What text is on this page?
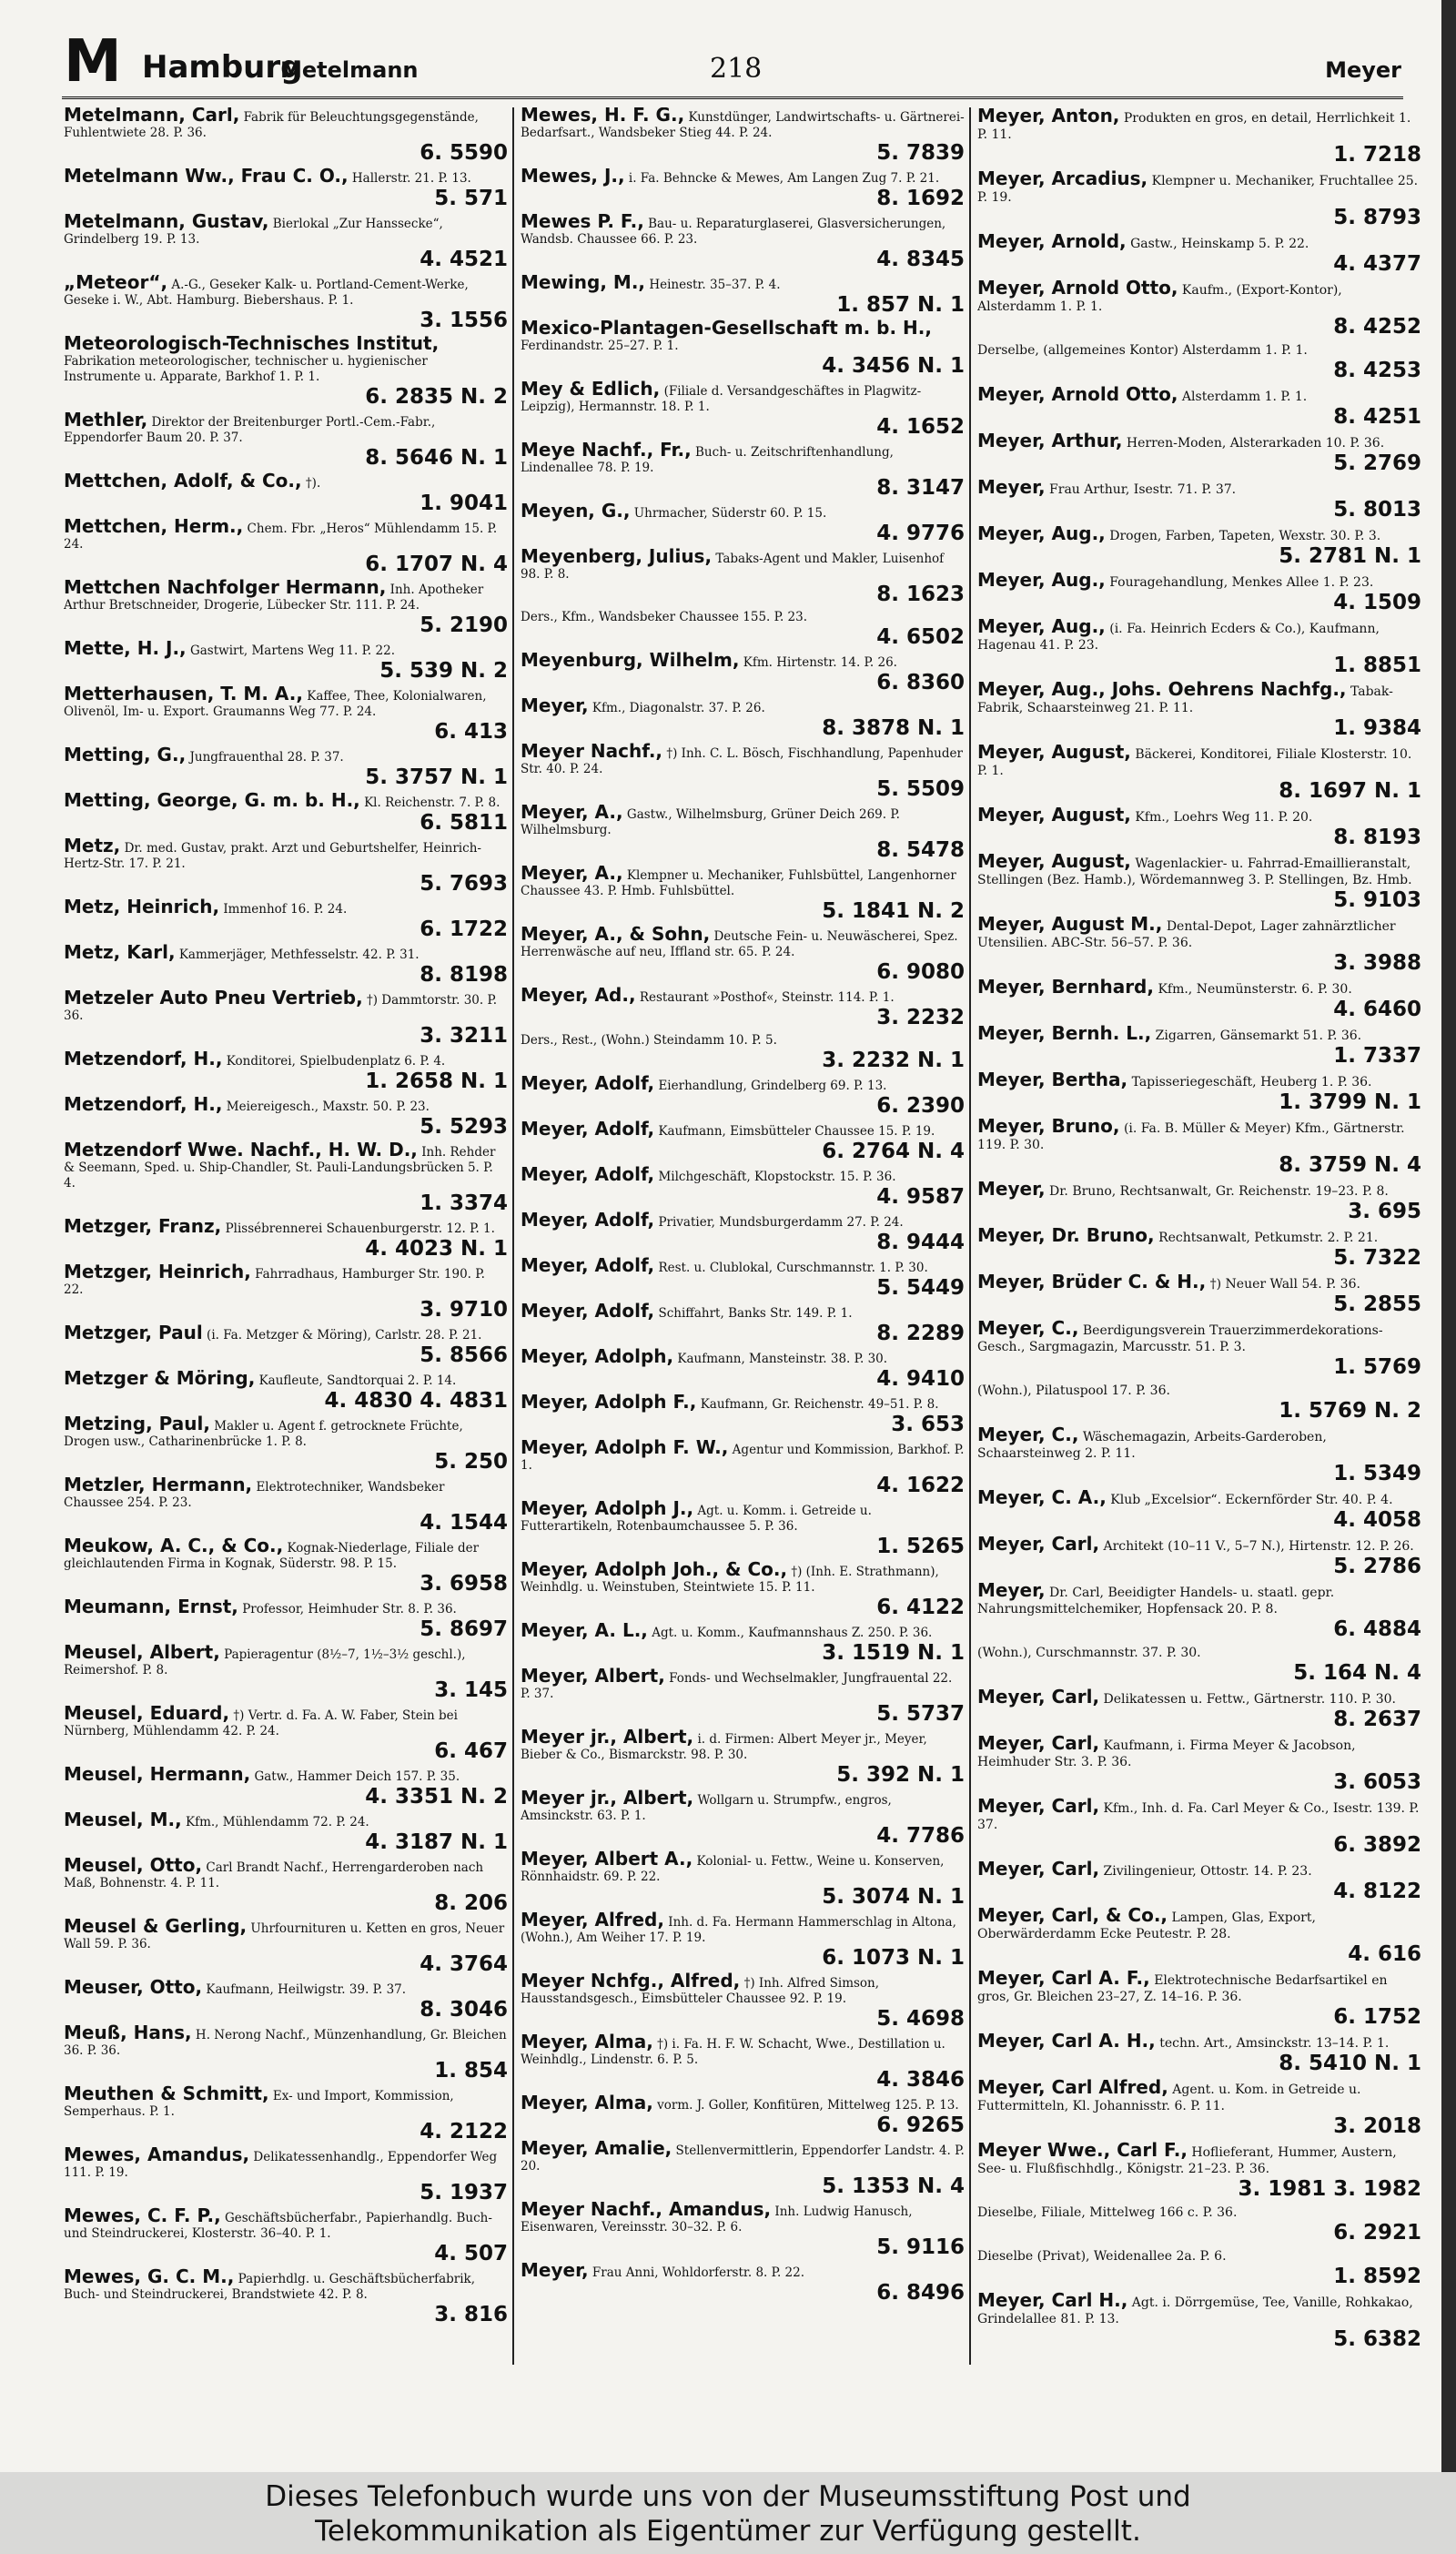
M Hamburg
Metelmann	218	Meyer
Metelmann, Carl, Fabrik für Beleuchtungsgegenstände, Fuhlentwiete 28. P. 36.
6. 5590
Metelmann Ww., Frau C. O., Hallerstr. 21. P. 13.
5. 571
Metelmann, Gustav, Bierlokal „Zur Hanssecke“, Grindelberg 19. P. 13.
4. 4521
„Meteor“, A.-G., Geseker Kalk- u. Portland-Cement-Werke, Geseke i. W., Abt. Hamburg. Biebershaus. P. 1.
3. 1556
Meteorologisch-Technisches Institut, Fabrikation meteorologischer, technischer u. hygienischer Instrumente u. Apparate, Barkhof 1. P. 1.
6. 2835 N. 2
Methler, Direktor der Breitenburger Portl.-Cem.-Fabr., Eppendorfer Baum 20. P. 37.
8. 5646 N. 1
Mettchen, Adolf, & Co., †).
1. 9041
Mettchen, Herm., Chem. Fbr. „Heros“ Mühlendamm 15. P. 24.
6. 1707 N. 4
Mettchen Nachfolger Hermann, Inh. Apotheker Arthur Bretschneider, Drogerie, Lübecker Str. 111. P. 24.
5. 2190
Mette, H. J., Gastwirt, Martens Weg 11. P. 22.
5. 539 N. 2
Metterhausen, T. M. A., Kaffee, Thee, Kolonialwaren, Olivenöl, Im- u. Export. Graumanns Weg 77. P. 24.
6. 413
Metting, G., Jungfrauenthal 28. P. 37.
5. 3757 N. 1
Metting, George, G. m. b. H., Kl. Reichenstr. 7. P. 8.
6. 5811
Metz, Dr. med. Gustav, prakt. Arzt und Geburtshelfer, Heinrich-Hertz-Str. 17. P. 21.
5. 7693
Metz, Heinrich, Immenhof 16. P. 24.
6. 1722
Metz, Karl, Kammerjäger, Methfesselstr. 42. P. 31.
8. 8198
Metzeler Auto Pneu Vertrieb, †) Dammtorstr. 30. P. 36.
3. 3211
Metzendorf, H., Konditorei, Spielbudenplatz 6. P. 4.
1. 2658 N. 1
Metzendorf, H., Meiereigesch., Maxstr. 50. P. 23.
5. 5293
Metzendorf Wwe. Nachf., H. W. D., Inh. Rehder & Seemann, Sped. u. Ship-Chandler, St. Pauli-Landungsbrücken 5. P. 4.
1. 3374
Metzger, Franz, Plissébrennerei Schauenburgerstr. 12. P. 1.
4. 4023 N. 1
Metzger, Heinrich, Fahrradhaus, Hamburger Str. 190. P. 22.
3. 9710
Metzger, Paul (i. Fa. Metzger & Möring), Carlstr. 28. P. 21.
5. 8566
Metzger & Möring, Kaufleute, Sandtorquai 2. P. 14.
4. 4830 4. 4831
Metzing, Paul, Makler u. Agent f. getrocknete Früchte, Drogen usw., Catharinenbrücke 1. P. 8.
5. 250
Metzler, Hermann, Elektrotechniker, Wandsbeker Chaussee 254. P. 23.
4. 1544
Meukow, A. C., & Co., Kognak-Niederlage, Filiale der gleichlautenden Firma in Kognak, Süderstr. 98. P. 15.
3. 6958
Meumann, Ernst, Professor, Heimhuder Str. 8. P. 36.
5. 8697
Meusel, Albert, Papieragentur (8½–7, 1½–3½ geschl.), Reimershof. P. 8.
3. 145
Meusel, Eduard, †) Vertr. d. Fa. A. W. Faber, Stein bei Nürnberg, Mühlendamm 42. P. 24.
6. 467
Meusel, Hermann, Gatw., Hammer Deich 157. P. 35.
4. 3351 N. 2
Meusel, M., Kfm., Mühlendamm 72. P. 24.
4. 3187 N. 1
Meusel, Otto, Carl Brandt Nachf., Herrengarderoben nach Maß, Bohnenstr. 4. P. 11.
8. 206
Meusel & Gerling, Uhrfournituren u. Ketten en gros, Neuer Wall 59. P. 36.
4. 3764
Meuser, Otto, Kaufmann, Heilwigstr. 39. P. 37.
8. 3046
Meuß, Hans, H. Nerong Nachf., Münzenhandlung, Gr. Bleichen 36. P. 36.
1. 854
Meuthen & Schmitt, Ex- und Import, Kommission, Semperhaus. P. 1.
4. 2122
Mewes, Amandus, Delikatessenhandlg., Eppendorfer Weg 111. P. 19.
5. 1937
Mewes, C. F. P., Geschäftsbücherfabr., Papierhandlg. Buch- und Steindruckerei, Klosterstr. 36–40. P. 1.
4. 507
Mewes, G. C. M., Papierhdlg. u. Geschäftsbücherfabrik, Buch- und Steindruckerei, Brandstwiete 42. P. 8.
3. 816
Mewes, H. F. G., Kunstdünger, Landwirtschafts- u. Gärtnerei-Bedarfsart., Wandsbeker Stieg 44. P. 24.
5. 7839
Mewes, J., i. Fa. Behncke & Mewes, Am Langen Zug 7. P. 21.
8. 1692
Mewes P. F., Bau- u. Reparaturglaserei, Glasversicherungen, Wandsb. Chaussee 66. P. 23.
4. 8345
Mewing, M., Heinestr. 35–37. P. 4.
1. 857 N. 1
Mexico-Plantagen-Gesellschaft m. b. H., Ferdinandstr. 25–27. P. 1.
4. 3456 N. 1
Mey & Edlich, (Filiale d. Versandgeschäftes in Plagwitz-Leipzig), Hermannstr. 18. P. 1.
4. 1652
Meye Nachf., Fr., Buch- u. Zeitschriftenhandlung, Lindenallee 78. P. 19.
8. 3147
Meyen, G., Uhrmacher, Süderstr 60. P. 15.
4. 9776
Meyenberg, Julius, Tabaks-Agent und Makler, Luisenhof 98. P. 8.
8. 1623
Ders., Kfm., Wandsbeker Chaussee 155. P. 23.
4. 6502
Meyenburg, Wilhelm, Kfm. Hirtenstr. 14. P. 26.
6. 8360
Meyer, Kfm., Diagonalstr. 37. P. 26.
8. 3878 N. 1
Meyer Nachf., †) Inh. C. L. Bösch, Fischhandlung, Papenhuder Str. 40. P. 24.
5. 5509
Meyer, A., Gastw., Wilhelmsburg, Grüner Deich 269. P. Wilhelmsburg.
8. 5478
Meyer, A., Klempner u. Mechaniker, Fuhlsbüttel, Langenhorner Chaussee 43. P. Hmb. Fuhlsbüttel.
5. 1841 N. 2
Meyer, A., & Sohn, Deutsche Fein- u. Neuwäscherei, Spez. Herrenwäsche auf neu, Iffland str. 65. P. 24.
6. 9080
Meyer, Ad., Restaurant »Posthof«, Steinstr. 114. P. 1.
3. 2232
Ders., Rest., (Wohn.) Steindamm 10. P. 5.
3. 2232 N. 1
Meyer, Adolf, Eierhandlung, Grindelberg 69. P. 13.
6. 2390
Meyer, Adolf, Kaufmann, Eimsbütteler Chaussee 15. P. 19.
6. 2764 N. 4
Meyer, Adolf, Milchgeschäft, Klopstockstr. 15. P. 36.
4. 9587
Meyer, Adolf, Privatier, Mundsburgerdamm 27. P. 24.
8. 9444
Meyer, Adolf, Rest. u. Clublokal, Curschmannstr. 1. P. 30.
5. 5449
Meyer, Adolf, Schiffahrt, Banks Str. 149. P. 1.
8. 2289
Meyer, Adolph, Kaufmann, Mansteinstr. 38. P. 30.
4. 9410
Meyer, Adolph F., Kaufmann, Gr. Reichenstr. 49–51. P. 8.
3. 653
Meyer, Adolph F. W., Agentur und Kommission, Barkhof. P. 1.
4. 1622
Meyer, Adolph J., Agt. u. Komm. i. Getreide u. Futterartikeln, Rotenbaumchaussee 5. P. 36.
1. 5265
Meyer, Adolph Joh., & Co., †) (Inh. E. Strathmann), Weinhdlg. u. Weinstuben, Steintwiete 15. P. 11.
6. 4122
Meyer, A. L., Agt. u. Komm., Kaufmannshaus Z. 250. P. 36.
3. 1519 N. 1
Meyer, Albert, Fonds- und Wechselmakler, Jungfrauental 22. P. 37.
5. 5737
Meyer jr., Albert, i. d. Firmen: Albert Meyer jr., Meyer, Bieber & Co., Bismarckstr. 98. P. 30.
5. 392 N. 1
Meyer jr., Albert, Wollgarn u. Strumpfw., engros, Amsinckstr. 63. P. 1.
4. 7786
Meyer, Albert A., Kolonial- u. Fettw., Weine u. Konserven, Rönnhaidstr. 69. P. 22.
5. 3074 N. 1
Meyer, Alfred, Inh. d. Fa. Hermann Hammerschlag in Altona, (Wohn.), Am Weiher 17. P. 19.
6. 1073 N. 1
Meyer Nchfg., Alfred, †) Inh. Alfred Simson, Hausstandsgesch., Eimsbütteler Chaussee 92. P. 19.
5. 4698
Meyer, Alma, †) i. Fa. H. F. W. Schacht, Wwe., Destillation u. Weinhdlg., Lindenstr. 6. P. 5.
4. 3846
Meyer, Alma, vorm. J. Goller, Konfitüren, Mittelweg 125. P. 13.
6. 9265
Meyer, Amalie, Stellenvermittlerin, Eppendorfer Landstr. 4. P. 20.
5. 1353 N. 4
Meyer Nachf., Amandus, Inh. Ludwig Hanusch, Eisenwaren, Vereinsstr. 30–32. P. 6.
5. 9116
Meyer, Frau Anni, Wohldorferstr. 8. P. 22.
6. 8496
Meyer, Anton, Produkten en gros, en detail, Herrlichkeit 1. P. 11.
1. 7218
Meyer, Arcadius, Klempner u. Mechaniker, Fruchtallee 25. P. 19.
5. 8793
Meyer, Arnold, Gastw., Heinskamp 5. P. 22.
4. 4377
Meyer, Arnold Otto, Kaufm., (Export-Kontor), Alsterdamm 1. P. 1.
8. 4252
Derselbe, (allgemeines Kontor) Alsterdamm 1. P. 1.
8. 4253
Meyer, Arnold Otto, Alsterdamm 1. P. 1.
8. 4251
Meyer, Arthur, Herren-Moden, Alsterarkaden 10. P. 36.
5. 2769
Meyer, Frau Arthur, Isestr. 71. P. 37.
5. 8013
Meyer, Aug., Drogen, Farben, Tapeten, Wexstr. 30. P. 3.
5. 2781 N. 1
Meyer, Aug., Fouragehandlung, Menkes Allee 1. P. 23.
4. 1509
Meyer, Aug., (i. Fa. Heinrich Ecders & Co.), Kaufmann, Hagenau 41. P. 23.
1. 8851
Meyer, Aug., Johs. Oehrens Nachfg., Tabak-Fabrik, Schaarsteinweg 21. P. 11.
1. 9384
Meyer, August, Bäckerei, Konditorei, Filiale Klosterstr. 10. P. 1.
8. 1697 N. 1
Meyer, August, Kfm., Loehrs Weg 11. P. 20.
8. 8193
Meyer, August, Wagenlackier- u. Fahrrad-Emaillieranstalt, Stellingen (Bez. Hamb.), Wördemannweg 3. P. Stellingen, Bz. Hmb.
5. 9103
Meyer, August M., Dental-Depot, Lager zahnärztlicher Utensilien. ABC-Str. 56–57. P. 36.
3. 3988
Meyer, Bernhard, Kfm., Neumünsterstr. 6. P. 30.
4. 6460
Meyer, Bernh. L., Zigarren, Gänsemarkt 51. P. 36.
1. 7337
Meyer, Bertha, Tapisseriegeschäft, Heuberg 1. P. 36.
1. 3799 N. 1
Meyer, Bruno, (i. Fa. B. Müller & Meyer) Kfm., Gärtnerstr. 119. P. 30.
8. 3759 N. 4
Meyer, Dr. Bruno, Rechtsanwalt, Gr. Reichenstr. 19–23. P. 8.
3. 695
Meyer, Dr. Bruno, Rechtsanwalt, Petkumstr. 2. P. 21.
5. 7322
Meyer, Brüder C. & H., †) Neuer Wall 54. P. 36.
5. 2855
Meyer, C., Beerdigungsverein Trauerzimmerdekorations-Gesch., Sargmagazin, Marcusstr. 51. P. 3.
1. 5769
(Wohn.), Pilatuspool 17. P. 36.
1. 5769 N. 2
Meyer, C., Wäschemagazin, Arbeits-Garderoben, Schaarsteinweg 2. P. 11.
1. 5349
Meyer, C. A., Klub „Excelsior“. Eckernförder Str. 40. P. 4.
4. 4058
Meyer, Carl, Architekt (10–11 V., 5–7 N.), Hirtenstr. 12. P. 26.
5. 2786
Meyer, Dr. Carl, Beeidigter Handels- u. staatl. gepr. Nahrungsmittelchemiker, Hopfensack 20. P. 8.
6. 4884
(Wohn.), Curschmannstr. 37. P. 30.
5. 164 N. 4
Meyer, Carl, Delikatessen u. Fettw., Gärtnerstr. 110. P. 30.
8. 2637
Meyer, Carl, Kaufmann, i. Firma Meyer & Jacobson, Heimhuder Str. 3. P. 36.
3. 6053
Meyer, Carl, Kfm., Inh. d. Fa. Carl Meyer & Co., Isestr. 139. P. 37.
6. 3892
Meyer, Carl, Zivilingenieur, Ottostr. 14. P. 23.
4. 8122
Meyer, Carl, & Co., Lampen, Glas, Export, Oberwärderdamm Ecke Peutestr. P. 28.
4. 616
Meyer, Carl A. F., Elektrotechnische Bedarfsartikel en gros, Gr. Bleichen 23–27, Z. 14–16. P. 36.
6. 1752
Meyer, Carl A. H., techn. Art., Amsinckstr. 13–14. P. 1.
8. 5410 N. 1
Meyer, Carl Alfred, Agent. u. Kom. in Getreide u. Futtermitteln, Kl. Johannisstr. 6. P. 11.
3. 2018
Meyer Wwe., Carl F., Hoflieferant, Hummer, Austern, See- u. Flußfischhdlg., Königstr. 21–23. P. 36.
3. 1981 3. 1982
Dieselbe, Filiale, Mittelweg 166 c. P. 36.
6. 2921
Dieselbe (Privat), Weidenallee 2a. P. 6.
1. 8592
Meyer, Carl H., Agt. i. Dörrgemüse, Tee, Vanille, Rohkakao, Grindelallee 81. P. 13.
5. 6382
Dieses Telefonbuch wurde uns von der Museumsstiftung Post und
Telekommunikation als Eigentümer zur Verfügung gestellt.
